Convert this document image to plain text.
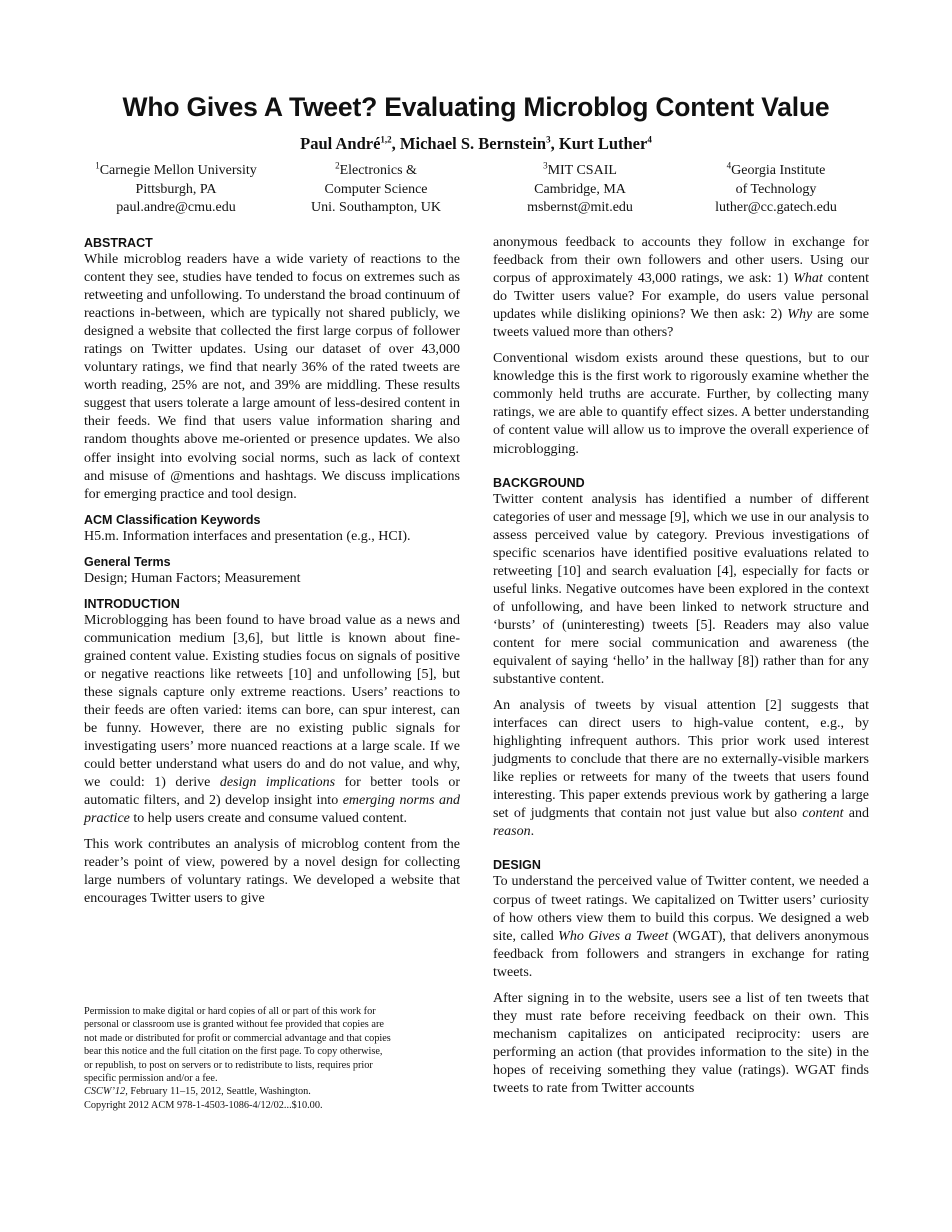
Who Gives A Tweet? Evaluating Microblog Content Value
Paul André$^{1,2}$, Michael S. Bernstein$^3$, Kurt Luther$^4$
$^1$Carnegie Mellon University
Pittsburgh, PA
paul.andre@cmu.edu
$^2$Electronics &
Computer Science
Uni. Southampton, UK
$^3$MIT CSAIL
Cambridge, MA
msbernst@mit.edu
$^4$Georgia Institute
of Technology
luther@cc.gatech.edu
ABSTRACT

While microblog readers have a wide variety of reactions to the content they see, studies have tended to focus on extremes such as retweeting and unfollowing. To understand the broad continuum of reactions in-between, which are typically not shared publicly, we designed a website that collected the first large corpus of follower ratings on Twitter updates. Using our dataset of over 43,000 voluntary ratings, we find that nearly 36% of the rated tweets are worth reading, 25% are not, and 39% are middling. These results suggest that users tolerate a large amount of less-desired content in their feeds. We find that users value information sharing and random thoughts above me-oriented or presence updates. We also offer insight into evolving social norms, such as lack of context and misuse of @mentions and hashtags. We discuss implications for emerging practice and tool design.

ACM Classification Keywords

H5.m. Information interfaces and presentation (e.g., HCI).

General Terms

Design; Human Factors; Measurement

INTRODUCTION

Microblogging has been found to have broad value as a news and communication medium [3,6], but little is known about fine-grained content value. Existing studies focus on signals of positive or negative reactions like retweets [10] and unfollowing [5], but these signals capture only extreme reactions. Users’ reactions to their feeds are often varied: items can bore, can spur interest, can be funny. However, there are no existing public signals for investigating users’ more nuanced reactions at a large scale. If we could better understand what users do and do not value, and why, we could: 1) derive design implications for better tools or automatic filters, and 2) develop insight into emerging norms and practice to help users create and consume valued content.

This work contributes an analysis of microblog content from the reader’s point of view, powered by a novel design for collecting large numbers of voluntary ratings. We developed a website that encourages Twitter users to give

Permission to make digital or hard copies of all or part of this work for
personal or classroom use is granted without fee provided that copies are
not made or distributed for profit or commercial advantage and that copies
bear this notice and the full citation on the first page. To copy otherwise,
or republish, to post on servers or to redistribute to lists, requires prior
specific permission and/or a fee.
CSCW’12, February 11–15, 2012, Seattle, Washington.
Copyright 2012 ACM 978-1-4503-1086-4/12/02...$10.00.

anonymous feedback to accounts they follow in exchange for feedback from their own followers and other users. Using our corpus of approximately 43,000 ratings, we ask: 1) What content do Twitter users value? For example, do users value personal updates while disliking opinions? We then ask: 2) Why are some tweets valued more than others?

Conventional wisdom exists around these questions, but to our knowledge this is the first work to rigorously examine whether the commonly held truths are accurate. Further, by collecting many ratings, we are able to quantify effect sizes. A better understanding of content value will allow us to improve the overall experience of microblogging.

BACKGROUND

Twitter content analysis has identified a number of different categories of user and message [9], which we use in our analysis to assess perceived value by category. Previous investigations of specific scenarios have identified positive evaluations related to retweeting [10] and search evaluation [4], especially for facts or useful links. Negative outcomes have been explored in the context of unfollowing, and have been linked to network structure and ‘bursts’ of (uninteresting) tweets [5]. Readers may also value content for mere social communication and awareness (the equivalent of saying ‘hello’ in the hallway [8]) rather than for any substantive content.

An analysis of tweets by visual attention [2] suggests that interfaces can direct users to high-value content, e.g., by highlighting infrequent authors. This prior work used interest judgments to conclude that there are no externally-visible markers like replies or retweets for many of the tweets that users found interesting. This paper extends previous work by gathering a large set of judgments that contain not just value but also content and reason.

DESIGN

To understand the perceived value of Twitter content, we needed a corpus of tweet ratings. We capitalized on Twitter users’ curiosity of how others view them to build this corpus. We designed a web site, called Who Gives a Tweet (WGAT), that delivers anonymous feedback from followers and strangers in exchange for rating tweets.

After signing in to the website, users see a list of ten tweets that they must rate before receiving feedback on their own. This mechanism capitalizes on anticipated reciprocity: users are performing an action (that provides information to the site) in the hopes of receiving something they value (ratings). WGAT finds tweets to rate from Twitter accounts
